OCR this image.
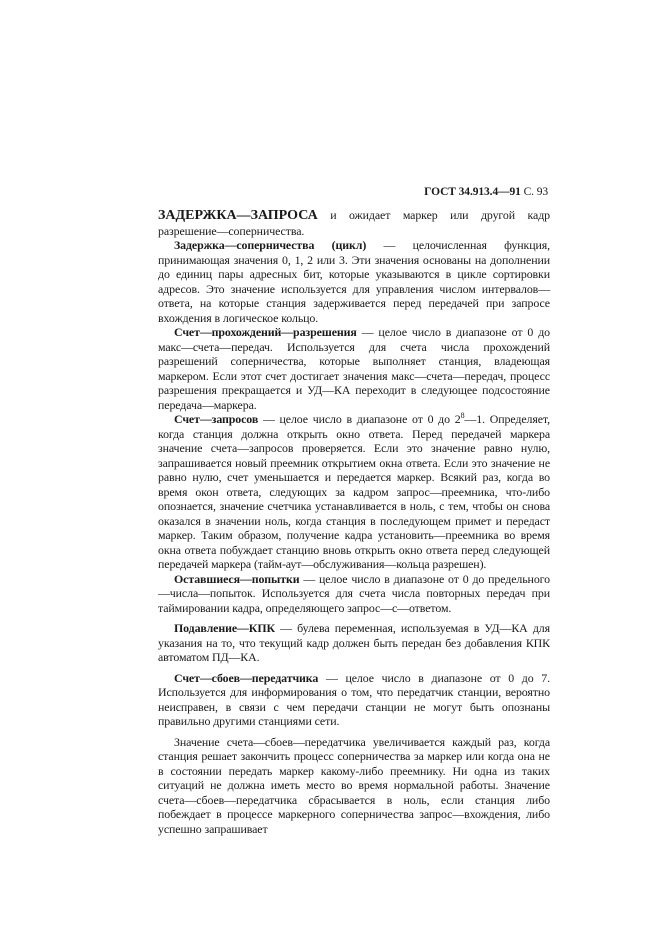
ГОСТ 34.913.4—91 С. 93

ЗАДЕРЖКА—ЗАПРОСА и ожидает маркер или другой кадр разрешение—соперничества.

Задержка—соперничества (цикл) — целочисленная функция, принимающая значения 0, 1, 2 или 3. Эти значения основаны на дополнении до единиц пары адресных бит, которые указываются в цикле сортировки адресов. Это значение используется для управления числом интервалов—ответа, на которые станция задерживается перед передачей при запросе вхождения в логическое кольцо.

Счет—прохождений—разрешения — целое число в диапазоне от 0 до макс—счета—передач. Используется для счета числа прохождений разрешений соперничества, которые выполняет станция, владеющая маркером. Если этот счет достигает значения макс—счета—передач, процесс разрешения прекращается и УД—КА переходит в следующее подсостояние передача—маркера.

Счет—запросов — целое число в диапазоне от 0 до $2^8—1$. Определяет, когда станция должна открыть окно ответа. Перед передачей маркера значение счета—запросов проверяется. Если это значение равно нулю, запрашивается новый преемник открытием окна ответа. Если это значение не равно нулю, счет уменьшается и передается маркер. Всякий раз, когда во время окон ответа, следующих за кадром запрос—преемника, что-либо опознается, значение счетчика устанавливается в ноль, с тем, чтобы он снова оказался в значении ноль, когда станция в последующем примет и передаст маркер. Таким образом, получение кадра установить—преемника во время окна ответа побуждает станцию вновь открыть окно ответа перед следующей передачей маркера (тайм-аут—обслуживания—кольца разрешен).

Оставшиеся—попытки — целое число в диапазоне от 0 до предельного—числа—попыток. Используется для счета числа повторных передач при таймировании кадра, определяющего запрос—с—ответом.

Подавление—КПК — булева переменная, используемая в УД—КА для указания на то, что текущий кадр должен быть передан без добавления КПК автоматом ПД—КА.

Счет—сбоев—передатчика — целое число в диапазоне от 0 до 7. Используется для информирования о том, что передатчик станции, вероятно неисправен, в связи с чем передачи станции не могут быть опознаны правильно другими станциями сети.

Значение счета—сбоев—передатчика увеличивается каждый раз, когда станция решает закончить процесс соперничества за маркер или когда она не в состоянии передать маркер какому-либо преемнику. Ни одна из таких ситуаций не должна иметь место во время нормальной работы. Значение счета—сбоев—передатчика сбрасывается в ноль, если станция либо побеждает в процессе маркерного соперничества запрос—вхождения, либо успешно запрашивает
